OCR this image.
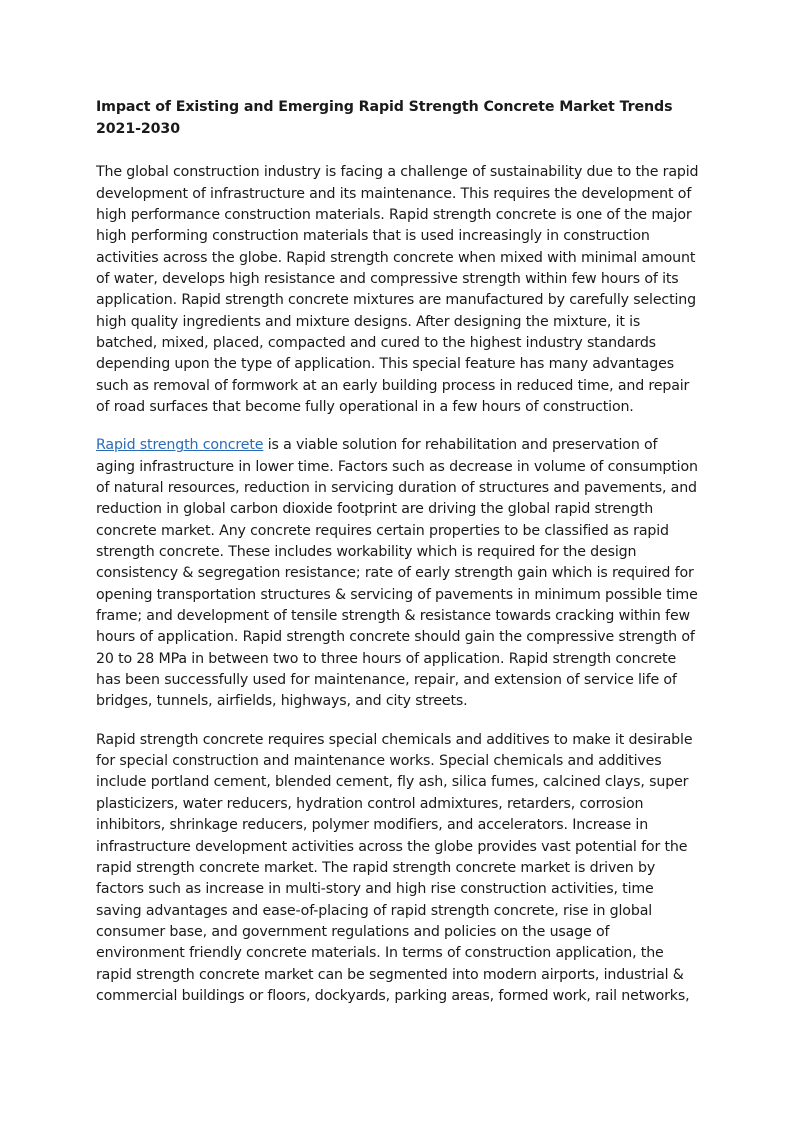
Impact of Existing and Emerging Rapid Strength Concrete Market Trends 2021-2030

The global construction industry is facing a challenge of sustainability due to the rapid development of infrastructure and its maintenance. This requires the development of high performance construction materials. Rapid strength concrete is one of the major high performing construction materials that is used increasingly in construction activities across the globe. Rapid strength concrete when mixed with minimal amount of water, develops high resistance and compressive strength within few hours of its application. Rapid strength concrete mixtures are manufactured by carefully selecting high quality ingredients and mixture designs. After designing the mixture, it is batched, mixed, placed, compacted and cured to the highest industry standards depending upon the type of application. This special feature has many advantages such as removal of formwork at an early building process in reduced time, and repair of road surfaces that become fully operational in a few hours of construction.

Rapid strength concrete is a viable solution for rehabilitation and preservation of aging infrastructure in lower time. Factors such as decrease in volume of consumption of natural resources, reduction in servicing duration of structures and pavements, and reduction in global carbon dioxide footprint are driving the global rapid strength concrete market. Any concrete requires certain properties to be classified as rapid strength concrete. These includes workability which is required for the design consistency & segregation resistance; rate of early strength gain which is required for opening transportation structures & servicing of pavements in minimum possible time frame; and development of tensile strength & resistance towards cracking within few hours of application. Rapid strength concrete should gain the compressive strength of 20 to 28 MPa in between two to three hours of application. Rapid strength concrete has been successfully used for maintenance, repair, and extension of service life of bridges, tunnels, airfields, highways, and city streets.

Rapid strength concrete requires special chemicals and additives to make it desirable for special construction and maintenance works. Special chemicals and additives include portland cement, blended cement, fly ash, silica fumes, calcined clays, super plasticizers, water reducers, hydration control admixtures, retarders, corrosion inhibitors, shrinkage reducers, polymer modifiers, and accelerators. Increase in infrastructure development activities across the globe provides vast potential for the rapid strength concrete market. The rapid strength concrete market is driven by factors such as increase in multi-story and high rise construction activities, time saving advantages and ease-of-placing of rapid strength concrete, rise in global consumer base, and government regulations and policies on the usage of environment friendly concrete materials. In terms of construction application, the rapid strength concrete market can be segmented into modern airports, industrial & commercial buildings or floors, dockyards, parking areas, formed work, rail networks,
